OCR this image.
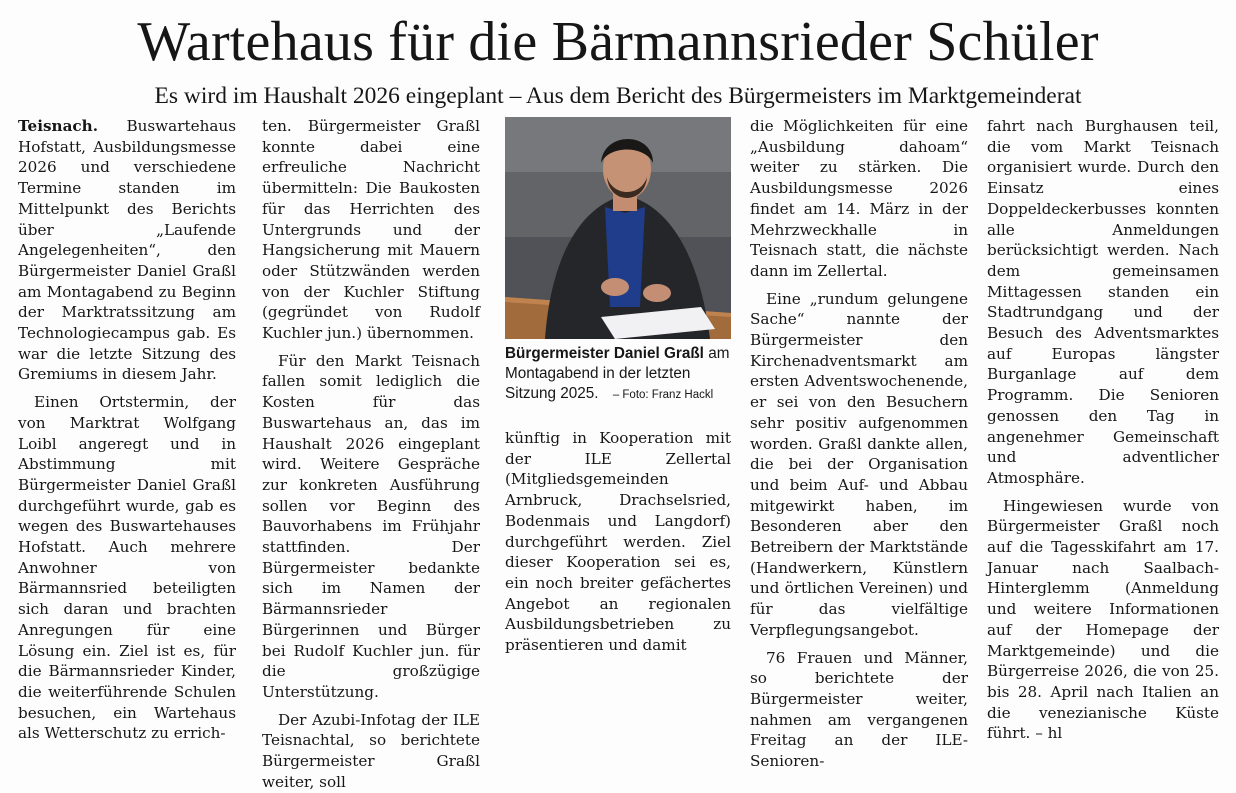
Wartehaus für die Bärmannsrieder Schüler
Es wird im Haushalt 2026 eingeplant – Aus dem Bericht des Bürgermeisters im Marktgemeinderat

Teisnach. Buswartehaus Hofstatt, Ausbildungsmesse 2026 und verschiedene Termine standen im Mittelpunkt des Berichts über „Laufende Angelegenheiten“, den Bürgermeister Daniel Graßl am Montagabend zu Beginn der Marktratssitzung am Technologiecampus gab. Es war die letzte Sitzung des Gremiums in diesem Jahr.

Einen Ortstermin, der von Marktrat Wolfgang Loibl angeregt und in Abstimmung mit Bürgermeister Daniel Graßl durchgeführt wurde, gab es wegen des Buswartehauses Hofstatt. Auch mehrere Anwohner von Bärmannsried beteiligten sich daran und brachten Anregungen für eine Lösung ein. Ziel ist es, für die Bärmannsrieder Kinder, die weiterführende Schulen besuchen, ein Wartehaus als Wetterschutz zu errich-

ten. Bürgermeister Graßl konnte dabei eine erfreuliche Nachricht übermitteln: Die Baukosten für das Herrichten des Untergrunds und der Hangsicherung mit Mauern oder Stützwänden werden von der Kuchler Stiftung (gegründet von Rudolf Kuchler jun.) übernommen.

Für den Markt Teisnach fallen somit lediglich die Kosten für das Buswartehaus an, das im Haushalt 2026 eingeplant wird. Weitere Gespräche zur konkreten Ausführung sollen vor Beginn des Bauvorhabens im Frühjahr stattfinden. Der Bürgermeister bedankte sich im Namen der Bärmannsrieder Bürgerinnen und Bürger bei Rudolf Kuchler jun. für die großzügige Unterstützung.

Der Azubi-Infotag der ILE Teisnachtal, so berichtete Bürgermeister Graßl weiter, soll

Bürgermeister Daniel Graßl am Montagabend in der letzten Sitzung 2025. – Foto: Franz Hackl

künftig in Kooperation mit der ILE Zellertal (Mitgliedsgemeinden Arnbruck, Drachselsried, Bodenmais und Langdorf) durchgeführt werden. Ziel dieser Kooperation sei es, ein noch breiter gefächertes Angebot an regionalen Ausbildungsbetrieben zu präsentieren und damit

die Möglichkeiten für eine „Ausbildung dahoam“ weiter zu stärken. Die Ausbildungsmesse 2026 findet am 14. März in der Mehrzweckhalle in Teisnach statt, die nächste dann im Zellertal.

Eine „rundum gelungene Sache“ nannte der Bürgermeister den Kirchenadventsmarkt am ersten Adventswochenende, er sei von den Besuchern sehr positiv aufgenommen worden. Graßl dankte allen, die bei der Organisation und beim Auf- und Abbau mitgewirkt haben, im Besonderen aber den Betreibern der Marktstände (Handwerkern, Künstlern und örtlichen Vereinen) und für das vielfältige Verpflegungsangebot.

76 Frauen und Männer, so berichtete der Bürgermeister weiter, nahmen am vergangenen Freitag an der ILE-Senioren-

fahrt nach Burghausen teil, die vom Markt Teisnach organisiert wurde. Durch den Einsatz eines Doppeldeckerbusses konnten alle Anmeldungen berücksichtigt werden. Nach dem gemeinsamen Mittagessen standen ein Stadtrundgang und der Besuch des Adventsmarktes auf Europas längster Burganlage auf dem Programm. Die Senioren genossen den Tag in angenehmer Gemeinschaft und adventlicher Atmosphäre.

Hingewiesen wurde von Bürgermeister Graßl noch auf die Tagesskifahrt am 17. Januar nach Saalbach-Hinterglemm (Anmeldung und weitere Informationen auf der Homepage der Marktgemeinde) und die Bürgerreise 2026, die von 25. bis 28. April nach Italien an die venezianische Küste führt. – hl
